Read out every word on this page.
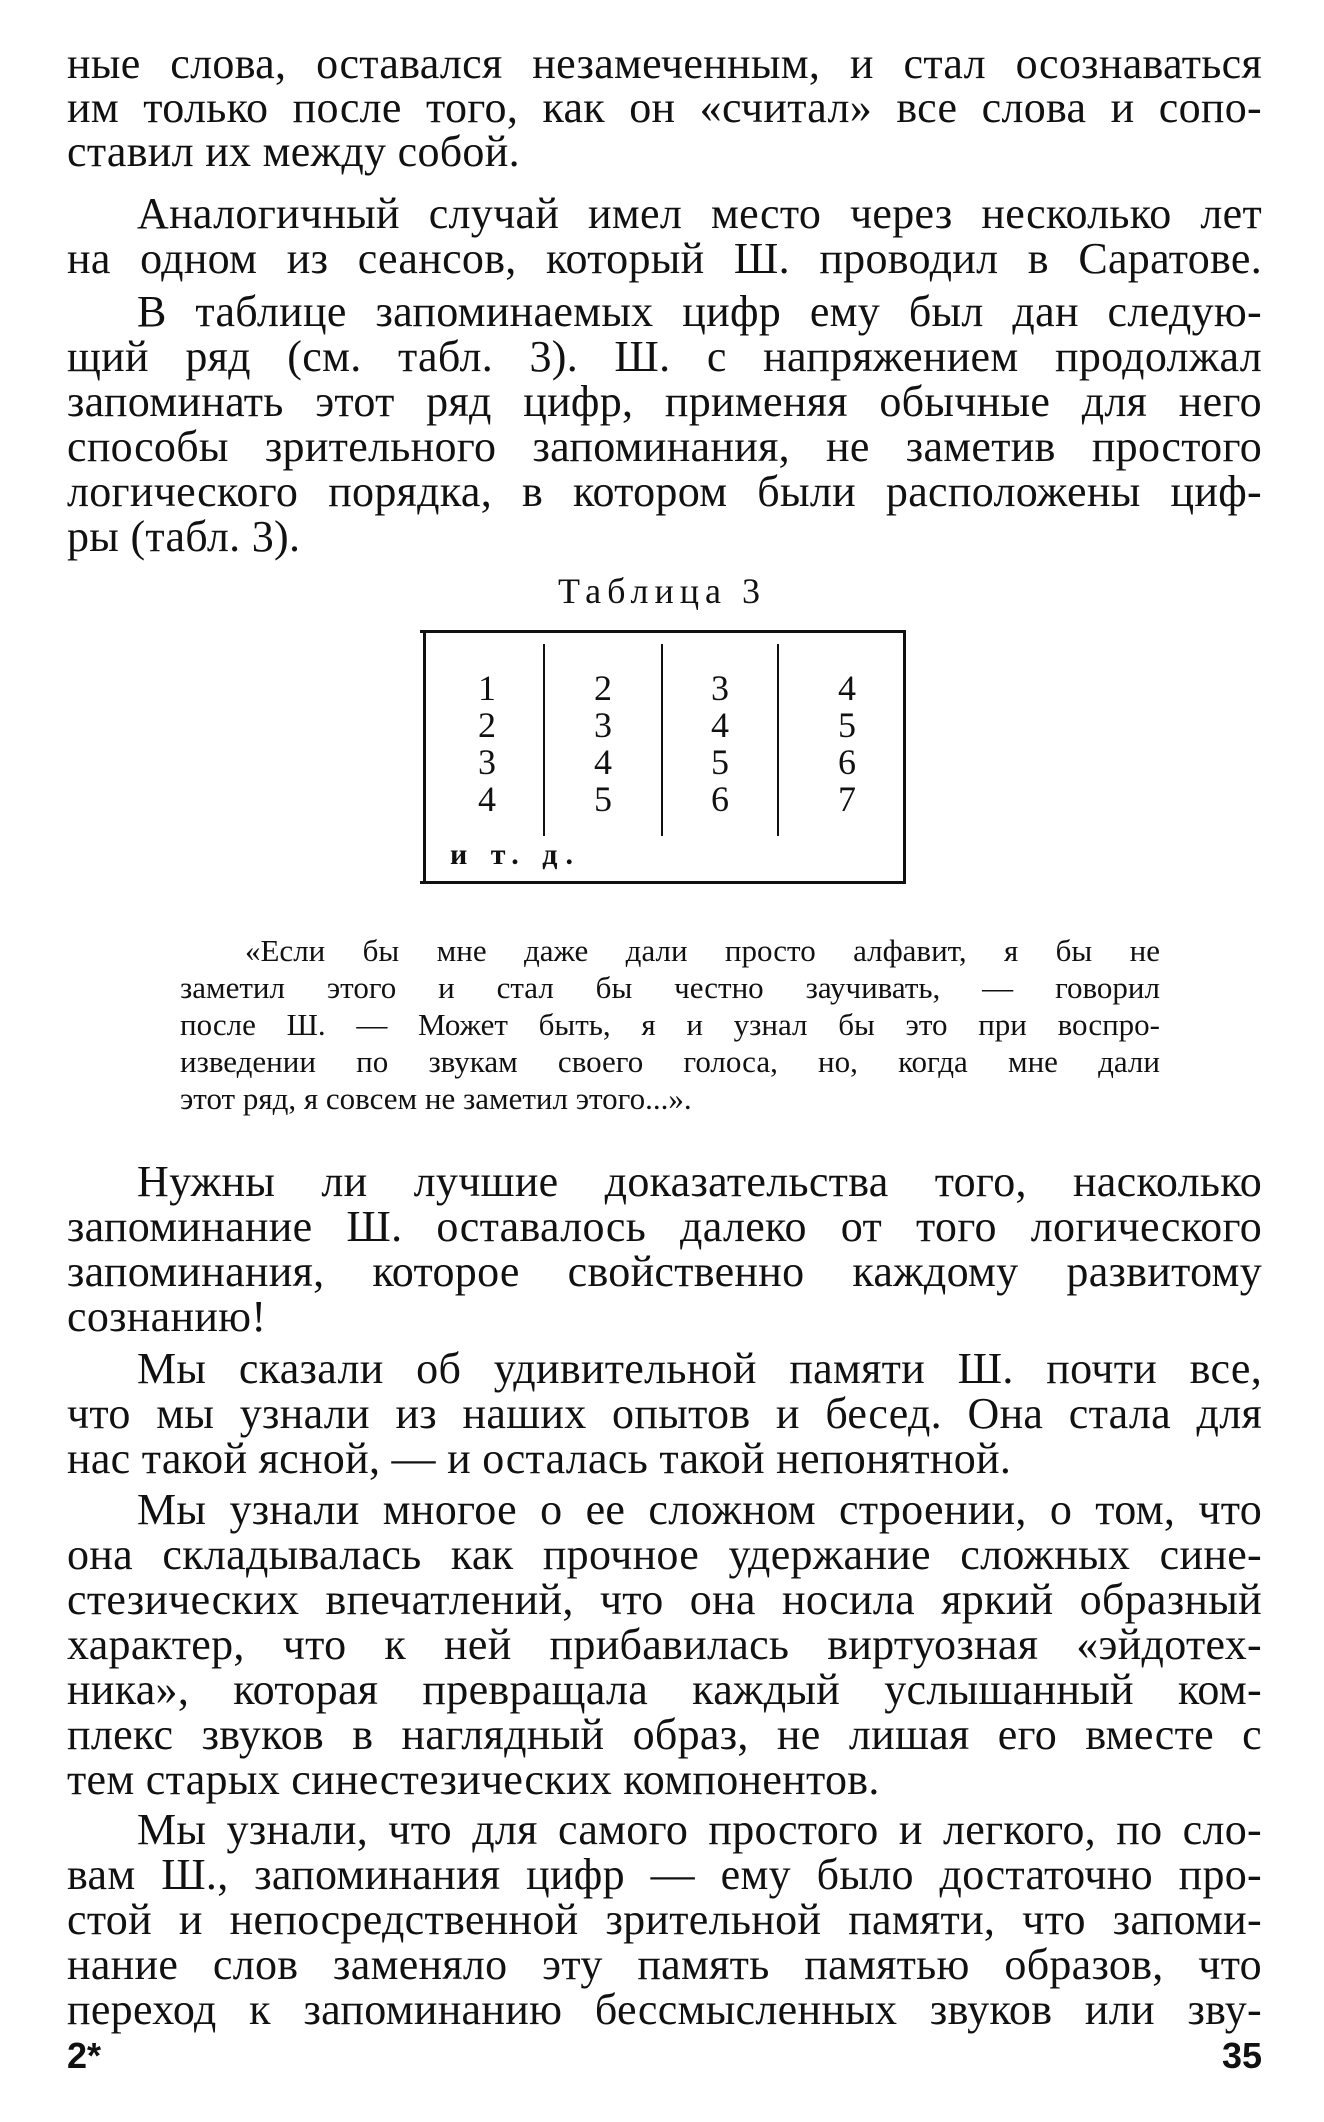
ные слова, оставался незамеченным, и стал осознаваться
им только после того, как он «считал» все слова и сопо-
ставил их между собой.
Аналогичный случай имел место через несколько лет
на одном из сеансов, который Ш. проводил в Саратове.
В таблице запоминаемых цифр ему был дан следую-
щий ряд (см. табл. 3). Ш. с напряжением продолжал
запоминать этот ряд цифр, применяя обычные для него
способы зрительного запоминания, не заметив простого
логического порядка, в котором были расположены циф-
ры (табл. 3).
Таблица 3
1
2
3
4
2
3
4
5
3
4
5
6
4
5
6
7
и т. д.
«Если бы мне даже дали просто алфавит, я бы не
заметил этого и стал бы честно заучивать, — говорил
после Ш. — Может быть, я и узнал бы это при воспро-
изведении по звукам своего голоса, но, когда мне дали
этот ряд, я совсем не заметил этого...».
Нужны ли лучшие доказательства того, насколько
запоминание Ш. оставалось далеко от того логического
запоминания, которое свойственно каждому развитому
сознанию!
Мы сказали об удивительной памяти Ш. почти все,
что мы узнали из наших опытов и бесед. Она стала для
нас такой ясной, — и осталась такой непонятной.
Мы узнали многое о ее сложном строении, о том, что
она складывалась как прочное удержание сложных сине-
стезических впечатлений, что она носила яркий образный
характер, что к ней прибавилась виртуозная «эйдотех-
ника», которая превращала каждый услышанный ком-
плекс звуков в наглядный образ, не лишая его вместе с
тем старых синестезических компонентов.
Мы узнали, что для самого простого и легкого, по сло-
вам Ш., запоминания цифр — ему было достаточно про-
стой и непосредственной зрительной памяти, что запоми-
нание слов заменяло эту память памятью образов, что
переход к запоминанию бессмысленных звуков или зву-
2*	35
